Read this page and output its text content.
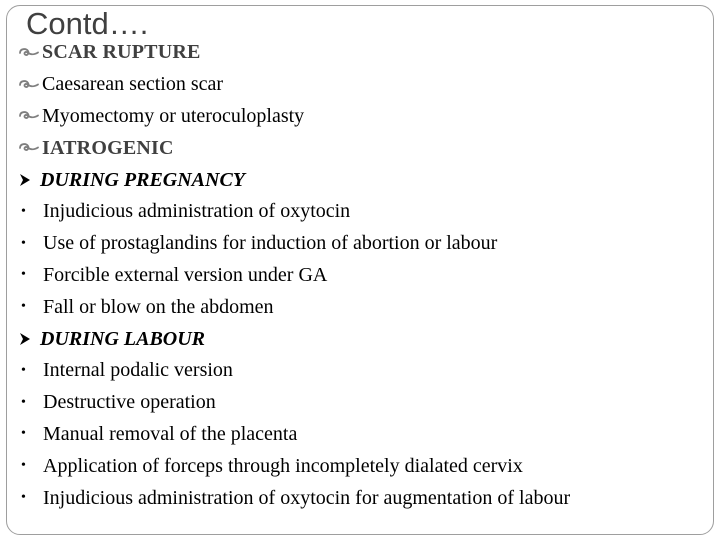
Contd….
SCAR RUPTURE
Caesarean section scar
Myomectomy or uteroculoplasty
IATROGENIC
DURING PREGNANCY
• Injudicious administration of oxytocin
• Use of prostaglandins for induction of abortion or labour
• Forcible external version under GA
• Fall or blow on the abdomen
DURING LABOUR
• Internal podalic version
• Destructive operation
• Manual removal of the placenta
• Application of forceps through incompletely dialated cervix
• Injudicious administration of oxytocin for augmentation of labour
